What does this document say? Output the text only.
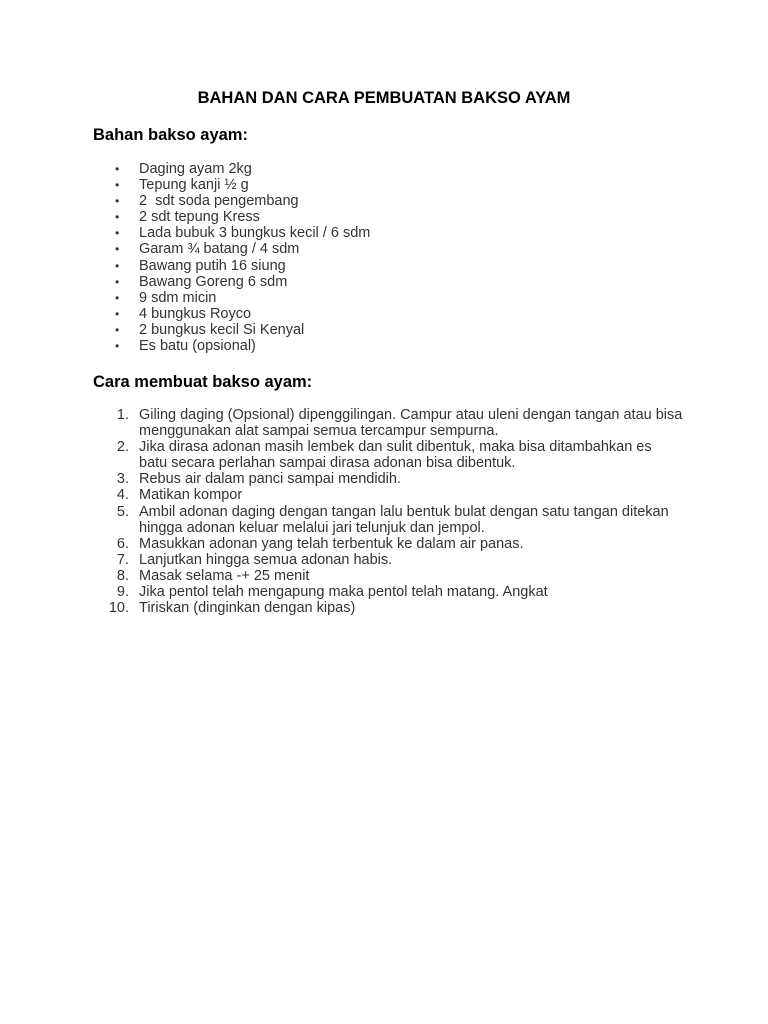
BAHAN DAN CARA PEMBUATAN BAKSO AYAM
Bahan bakso ayam:
• Daging ayam 2kg
• Tepung kanji ½ g
• 2  sdt soda pengembang
• 2 sdt tepung Kress
• Lada bubuk 3 bungkus kecil / 6 sdm
• Garam ¾ batang / 4 sdm
• Bawang putih 16 siung
• Bawang Goreng 6 sdm
• 9 sdm micin
• 4 bungkus Royco
• 2 bungkus kecil Si Kenyal
• Es batu (opsional)
Cara membuat bakso ayam:
1. Giling daging (Opsional) dipenggilingan. Campur atau uleni dengan tangan atau bisa menggunakan alat sampai semua tercampur sempurna.
2. Jika dirasa adonan masih lembek dan sulit dibentuk, maka bisa ditambahkan es batu secara perlahan sampai dirasa adonan bisa dibentuk.
3. Rebus air dalam panci sampai mendidih.
4. Matikan kompor
5. Ambil adonan daging dengan tangan lalu bentuk bulat dengan satu tangan ditekan hingga adonan keluar melalui jari telunjuk dan jempol.
6. Masukkan adonan yang telah terbentuk ke dalam air panas.
7. Lanjutkan hingga semua adonan habis.
8. Masak selama -+ 25 menit
9. Jika pentol telah mengapung maka pentol telah matang. Angkat
10. Tiriskan (dinginkan dengan kipas)
